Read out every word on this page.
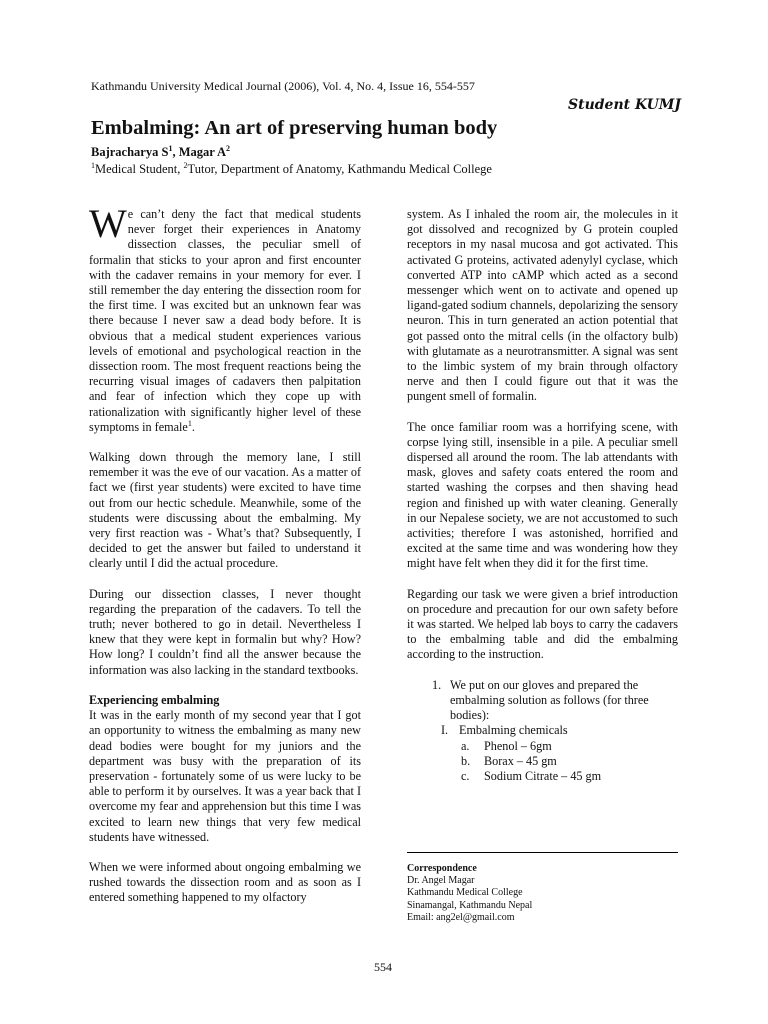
Kathmandu University Medical Journal (2006), Vol. 4, No. 4, Issue 16, 554-557

Student KUMJ

Embalming: An art of preserving human body

Bajracharya $S^1$, Magar $A^2$

$^1$Medical Student, $^2$Tutor, Department of Anatomy, Kathmandu Medical College

We can’t deny the fact that medical students never forget their experiences in Anatomy dissection classes, the peculiar smell of formalin that sticks to your apron and first encounter with the cadaver remains in your memory for ever. I still remember the day entering the dissection room for the first time. I was excited but an unknown fear was there because I never saw a dead body before. It is obvious that a medical student experiences various levels of emotional and psychological reaction in the dissection room. The most frequent reactions being the recurring visual images of cadavers then palpitation and fear of infection which they cope up with rationalization with significantly higher level of these symptoms in female$^1$.

Walking down through the memory lane, I still remember it was the eve of our vacation. As a matter of fact we (first year students) were excited to have time out from our hectic schedule. Meanwhile, some of the students were discussing about the embalming. My very first reaction was - What’s that? Subsequently, I decided to get the answer but failed to understand it clearly until I did the actual procedure.

During our dissection classes, I never thought regarding the preparation of the cadavers. To tell the truth; never bothered to go in detail. Nevertheless I knew that they were kept in formalin but why? How? How long? I couldn’t find all the answer because the information was also lacking in the standard textbooks.

Experiencing embalming

It was in the early month of my second year that I got an opportunity to witness the embalming as many new dead bodies were bought for my juniors and the department was busy with the preparation of its preservation - fortunately some of us were lucky to be able to perform it by ourselves. It was a year back that I overcome my fear and apprehension but this time I was excited to learn new things that very few medical students have witnessed.

When we were informed about ongoing embalming we rushed towards the dissection room and as soon as I entered something happened to my olfactory

system. As I inhaled the room air, the molecules in it got dissolved and recognized by G protein coupled receptors in my nasal mucosa and got activated. This activated G proteins, activated adenylyl cyclase, which converted ATP into cAMP which acted as a second messenger which went on to activate and opened up ligand-gated sodium channels, depolarizing the sensory neuron. This in turn generated an action potential that got passed onto the mitral cells (in the olfactory bulb) with glutamate as a neurotransmitter. A signal was sent to the limbic system of my brain through olfactory nerve and then I could figure out that it was the pungent smell of formalin.

The once familiar room was a horrifying scene, with corpse lying still, insensible in a pile. A peculiar smell dispersed all around the room. The lab attendants with mask, gloves and safety coats entered the room and started washing the corpses and then shaving head region and finished up with water cleaning. Generally in our Nepalese society, we are not accustomed to such activities; therefore I was astonished, horrified and excited at the same time and was wondering how they might have felt when they did it for the first time.

Regarding our task we were given a brief introduction on procedure and precaution for our own safety before it was started. We helped lab boys to carry the cadavers to the embalming table and did the embalming according to the instruction.

1. We put on our gloves and prepared the embalming solution as follows (for three bodies):
I. Embalming chemicals
a. Phenol – 6gm
b. Borax – 45 gm
c. Sodium Citrate – 45 gm
Correspondence
Dr. Angel Magar
Kathmandu Medical College
Sinamangal, Kathmandu Nepal
Email: ang2el@gmail.com

554
